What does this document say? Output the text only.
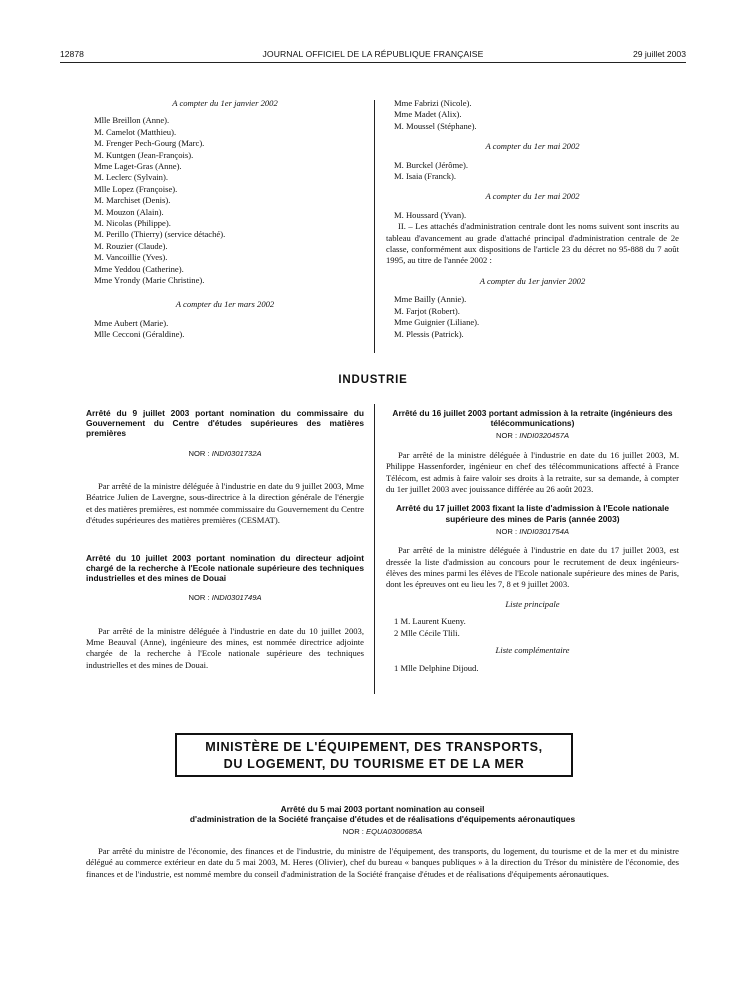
12878	JOURNAL OFFICIEL DE LA RÉPUBLIQUE FRANÇAISE	29 juillet 2003

A compter du 1er janvier 2002

Mlle Breillon (Anne).
M. Camelot (Matthieu).
M. Frenger Pech-Gourg (Marc).
M. Kuntgen (Jean-François).
Mme Laget-Gras (Anne).
M. Leclerc (Sylvain).
Mlle Lopez (Françoise).
M. Marchiset (Denis).
M. Mouzon (Alain).
M. Nicolas (Philippe).
M. Perillo (Thierry) (service détaché).
M. Rouzier (Claude).
M. Vancoillie (Yves).
Mme Yeddou (Catherine).
Mme Yrondy (Marie Christine).

A compter du 1er mars 2002

Mme Aubert (Marie).
Mlle Cecconi (Géraldine).
Mme Fabrizi (Nicole).
Mme Madet (Alix).
M. Moussel (Stéphane).

A compter du 1er mai 2002

M. Burckel (Jérôme).
M. Isaia (Franck).

A compter du 1er mai 2002

M. Houssard (Yvan).

II. – Les attachés d'administration centrale dont les noms suivent sont inscrits au tableau d'avancement au grade d'attaché principal d'administration centrale de 2e classe, conformément aux dispositions de l'article 23 du décret no 95-888 du 7 août 1995, au titre de l'année 2002 :

A compter du 1er janvier 2002

Mme Bailly (Annie).
M. Farjot (Robert).
Mme Guignier (Liliane).
M. Plessis (Patrick).
INDUSTRIE
Arrêté du 9 juillet 2003 portant nomination du commissaire du Gouvernement du Centre d'études supérieures des matières premières

NOR : INDI0301732A

Par arrêté de la ministre déléguée à l'industrie en date du 9 juillet 2003, Mme Béatrice Julien de Lavergne, sous-directrice à la direction générale de l'énergie et des matières premières, est nommée commissaire du Gouvernement du Centre d'études supérieures des matières premières (CESMAT).

Arrêté du 10 juillet 2003 portant nomination du directeur adjoint chargé de la recherche à l'Ecole nationale supérieure des techniques industrielles et des mines de Douai

NOR : INDI0301749A

Par arrêté de la ministre déléguée à l'industrie en date du 10 juillet 2003, Mme Beauval (Anne), ingénieure des mines, est nommée directrice adjointe chargée de la recherche à l'Ecole nationale supérieure des techniques industrielles et des mines de Douai.

Arrêté du 16 juillet 2003 portant admission à la retraite (ingénieurs des télécommunications)

NOR : INDI0320457A

Par arrêté de la ministre déléguée à l'industrie en date du 16 juillet 2003, M. Philippe Hassenforder, ingénieur en chef des télécommunications affecté à France Télécom, est admis à faire valoir ses droits à la retraite, sur sa demande, à compter du 1er juillet 2003 avec jouissance différée au 26 août 2023.

Arrêté du 17 juillet 2003 fixant la liste d'admission à l'Ecole nationale supérieure des mines de Paris (année 2003)

NOR : INDI0301754A

Par arrêté de la ministre déléguée à l'industrie en date du 17 juillet 2003, est dressée la liste d'admission au concours pour le recrutement de deux ingénieurs-élèves des mines parmi les élèves de l'Ecole nationale supérieure des mines de Paris, dont les épreuves ont eu lieu les 7, 8 et 9 juillet 2003.

Liste principale

1 M. Laurent Kueny.
2 Mlle Cécile Tlili.

Liste complémentaire

1 Mlle Delphine Dijoud.
MINISTÈRE DE L'ÉQUIPEMENT, DES TRANSPORTS,
DU LOGEMENT, DU TOURISME ET DE LA MER
Arrêté du 5 mai 2003 portant nomination au conseil
d'administration de la Société française d'études et de réalisations d'équipements aéronautiques

NOR : EQUA0300685A

Par arrêté du ministre de l'économie, des finances et de l'industrie, du ministre de l'équipement, des transports, du logement, du tourisme et de la mer et du ministre délégué au commerce extérieur en date du 5 mai 2003, M. Heres (Olivier), chef du bureau « banques publiques » à la direction du Trésor du ministère de l'économie, des finances et de l'industrie, est nommé membre du conseil d'administration de la Société française d'études et de réalisations d'équipements aéronautiques.
